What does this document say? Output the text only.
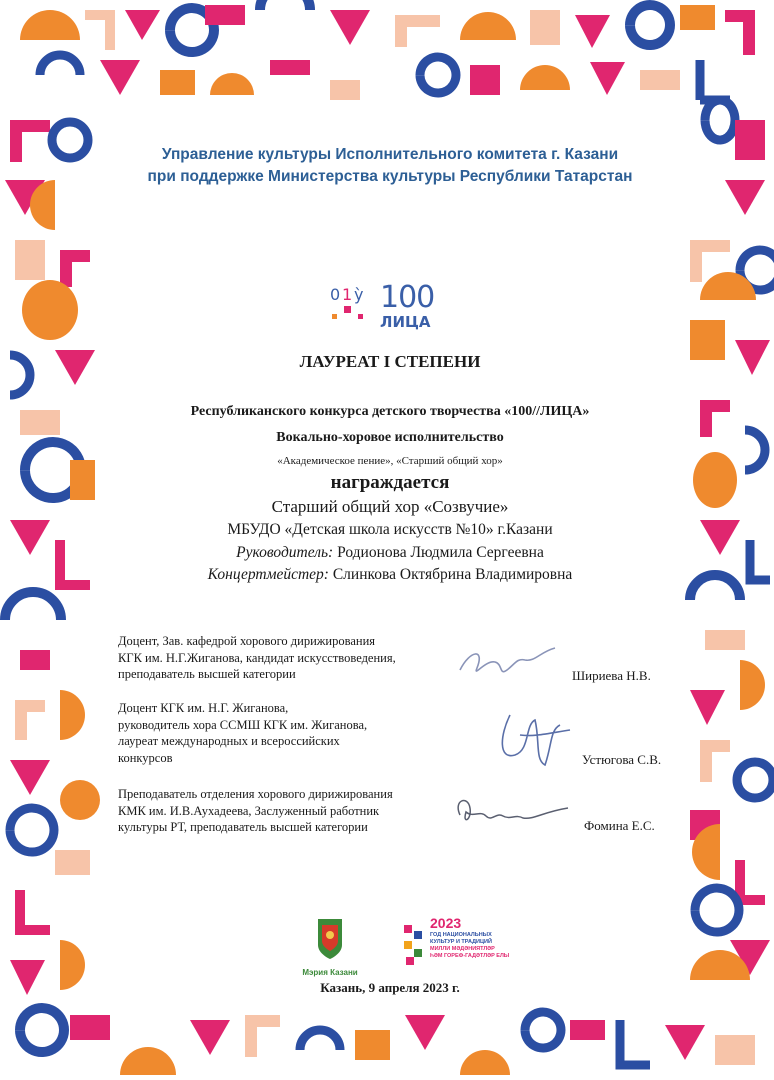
Управление культуры Исполнительного комитета г. Казани
при поддержке Министерства культуры Республики Татарстан
0 1 ỳ 100
ЛИЦА
ЛАУРЕАТ I СТЕПЕНИ
Республиканского конкурса детского творчества «100//ЛИЦА»
Вокально-хоровое исполнительство
«Академическое пение», «Старший общий хор»
награждается
Старший общий хор «Созвучие»
МБУДО «Детская школа искусств №10» г.Казани
Руководитель: Родионова Людмила Сергеевна
Концертмейстер: Слинкова Октябрина Владимировна
Доцент, Зав. кафедрой хорового дирижирования
КГК им. Н.Г.Жиганова, кандидат искусствоведения,
преподаватель высшей категории	Шириева Н.В.
Доцент КГК им. Н.Г. Жиганова,
руководитель хора ССМШ КГК им. Жиганова,
лауреат международных и всероссийских
конкурсов	Устюгова С.В.
Преподаватель отделения хорового дирижирования
КМК им. И.В.Аухадеева, Заслуженный работник
культуры РТ, преподаватель высшей категории	Фомина Е.С.
Мэрия Казани
2023
ГОД НАЦИОНАЛЬНЫХ
КУЛЬТУР И ТРАДИЦИЙ
МИЛЛИ МӘДӘНИЯТЛӘР
ҺӘМ ГОРЕФ-ГАДӘТЛӘР ЕЛЫ
Казань, 9 апреля 2023 г.
